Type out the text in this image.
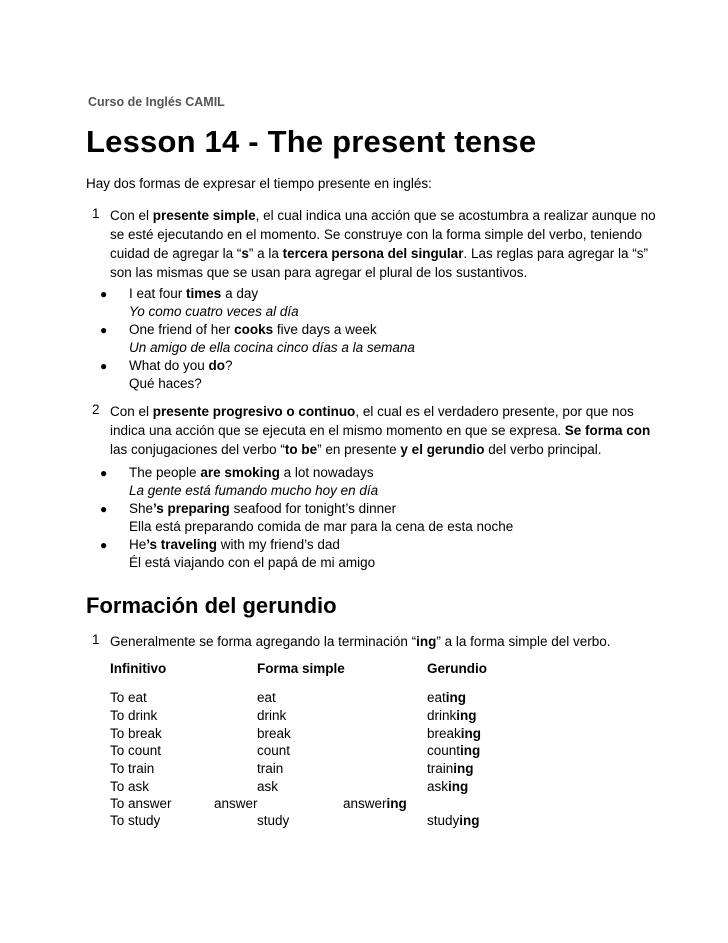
Curso de Inglés CAMIL
Lesson 14 - The present tense
Hay dos formas de expresar el tiempo presente en inglés:
1 Con el presente simple, el cual indica una acción que se acostumbra a realizar aunque no
se esté ejecutando en el momento. Se construye con la forma simple del verbo, teniendo
cuidad de agregar la “s” a la tercera persona del singular. Las reglas para agregar la “s”
son las mismas que se usan para agregar el plural de los sustantivos.
● I eat four times a day
Yo como cuatro veces al día
● One friend of her cooks five days a week
Un amigo de ella cocina cinco días a la semana
● What do you do?
Qué haces?
2 Con el presente progresivo o continuo, el cual es el verdadero presente, por que nos
indica una acción que se ejecuta en el mismo momento en que se expresa. Se forma con
las conjugaciones del verbo “to be” en presente y el gerundio del verbo principal.
● The people are smoking a lot nowadays
La gente está fumando mucho hoy en día
● She’s preparing seafood for tonight’s dinner
Ella está preparando comida de mar para la cena de esta noche
● He’s traveling with my friend’s dad
Él está viajando con el papá de mi amigo
Formación del gerundio
1 Generalmente se forma agregando la terminación “ing” a la forma simple del verbo.
Infinitivo	Forma simple	Gerundio
To eat	eat	eating
To drink	drink	drinking
To break	break	breaking
To count	count	counting
To train	train	training
To ask	ask	asking
To answer	answer	answering
To study	study	studying
